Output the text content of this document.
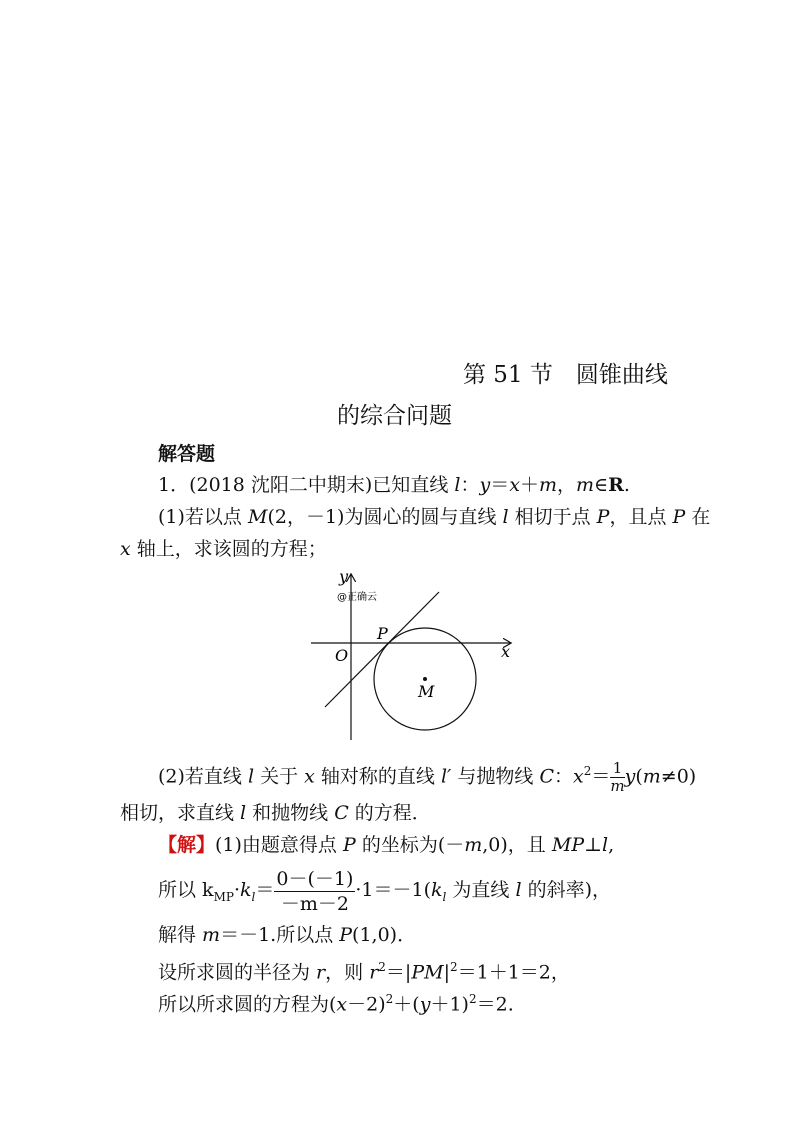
第 51 节　圆锥曲线
的综合问题
解答题
1．(2018 沈阳二中期末)已知直线 l：y＝x＋m，m∈R.
(1)若以点 M(2，－1)为圆心的圆与直线 l 相切于点 P，且点 P 在
x 轴上，求该圆的方程；
y
x
O
P
M
@正确云
(2)若直线 l 关于 x 轴对称的直线 l′ 与抛物线 C：$x^2= \frac{1}{m} y(m\ne 0)$
相切，求直线 l 和抛物线 C 的方程．
【解】(1)由题意得点 P 的坐标为(－m,0)，且 MP⊥l,
所以 $k_{MP}\cdot k_l= \frac{0-(-1)}{-m-2} \cdot 1=-1(k_l$ 为直线 l 的斜率)，
解得 m＝－1.所以点 P(1,0)．
设所求圆的半径为 r，则 $r^2=|PM|^2=1+1=2$，
所以所求圆的方程为$(x-2)^2+(y+1)^2=2$.
